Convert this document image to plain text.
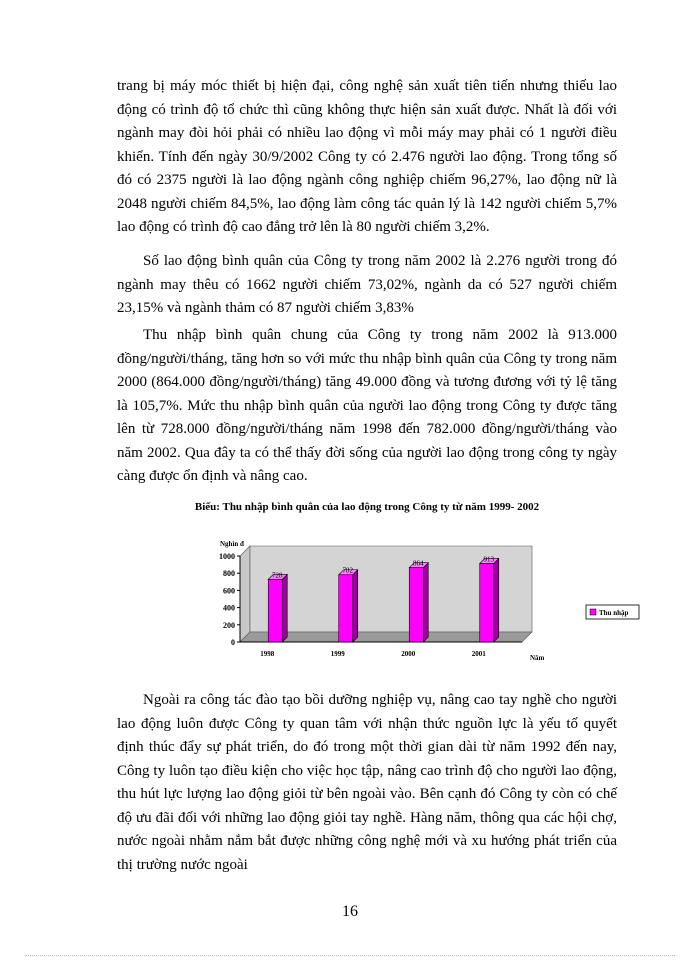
trang bị máy móc thiết bị hiện đại, công nghệ sản xuất tiên tiến nhưng thiếu lao động có trình độ tổ chức thì cũng không thực hiện sản xuất được. Nhất là đối với ngành may đòi hỏi phải có nhiều lao động vì mỗi máy may phải có 1 người điều khiển. Tính đến ngày 30/9/2002 Công ty có 2.476 người lao động. Trong tổng số đó có 2375 người là lao động ngành công nghiệp chiếm 96,27%, lao động nữ là 2048 người chiếm 84,5%, lao động làm công tác quản lý là 142 người chiếm 5,7% lao động có trình độ cao đẳng trở lên là 80 người chiếm 3,2%.

Số lao động bình quân của Công ty trong năm 2002 là 2.276 người trong đó ngành may thêu có 1662 người chiếm 73,02%, ngành da có 527 người chiếm 23,15% và ngành thảm có 87 người chiếm 3,83%

Thu nhập bình quân chung của Công ty trong năm 2002 là 913.000 đồng/người/tháng, tăng hơn so với mức thu nhập bình quân của Công ty trong năm 2000 (864.000 đồng/người/tháng) tăng 49.000 đồng và tương đương với tỷ lệ tăng là 105,7%. Mức thu nhập bình quân của người lao động trong Công ty được tăng lên từ 728.000 đồng/người/tháng năm 1998 đến 782.000 đồng/người/tháng vào năm 2002. Qua đây ta có thể thấy đời sống của người lao động trong công ty ngày càng được ổn định và nâng cao.

Biểu: Thu nhập bình quân của lao động trong Công ty từ năm 1999- 2002
0
200
400
600
800
1000
Nghìn đ
728
1998
782
1999
864
2000
913
2001	Năm
Thu nhập

Ngoài ra công tác đào tạo bồi dưỡng nghiệp vụ, nâng cao tay nghề cho người lao động luôn được Công ty quan tâm với nhận thức nguồn lực là yếu tố quyết định thúc đẩy sự phát triển, do đó trong một thời gian dài từ năm 1992 đến nay, Công ty luôn tạo điều kiện cho việc học tập, nâng cao trình độ cho người lao động, thu hút lực lượng lao động giỏi từ bên ngoài vào. Bên cạnh đó Công ty còn có chế độ ưu đãi đối với những lao động giỏi tay nghề. Hàng năm, thông qua các hội chợ, nước ngoài nhằm nắm bắt được những công nghệ mới và xu hướng phát triển của thị trường nước ngoài

16
